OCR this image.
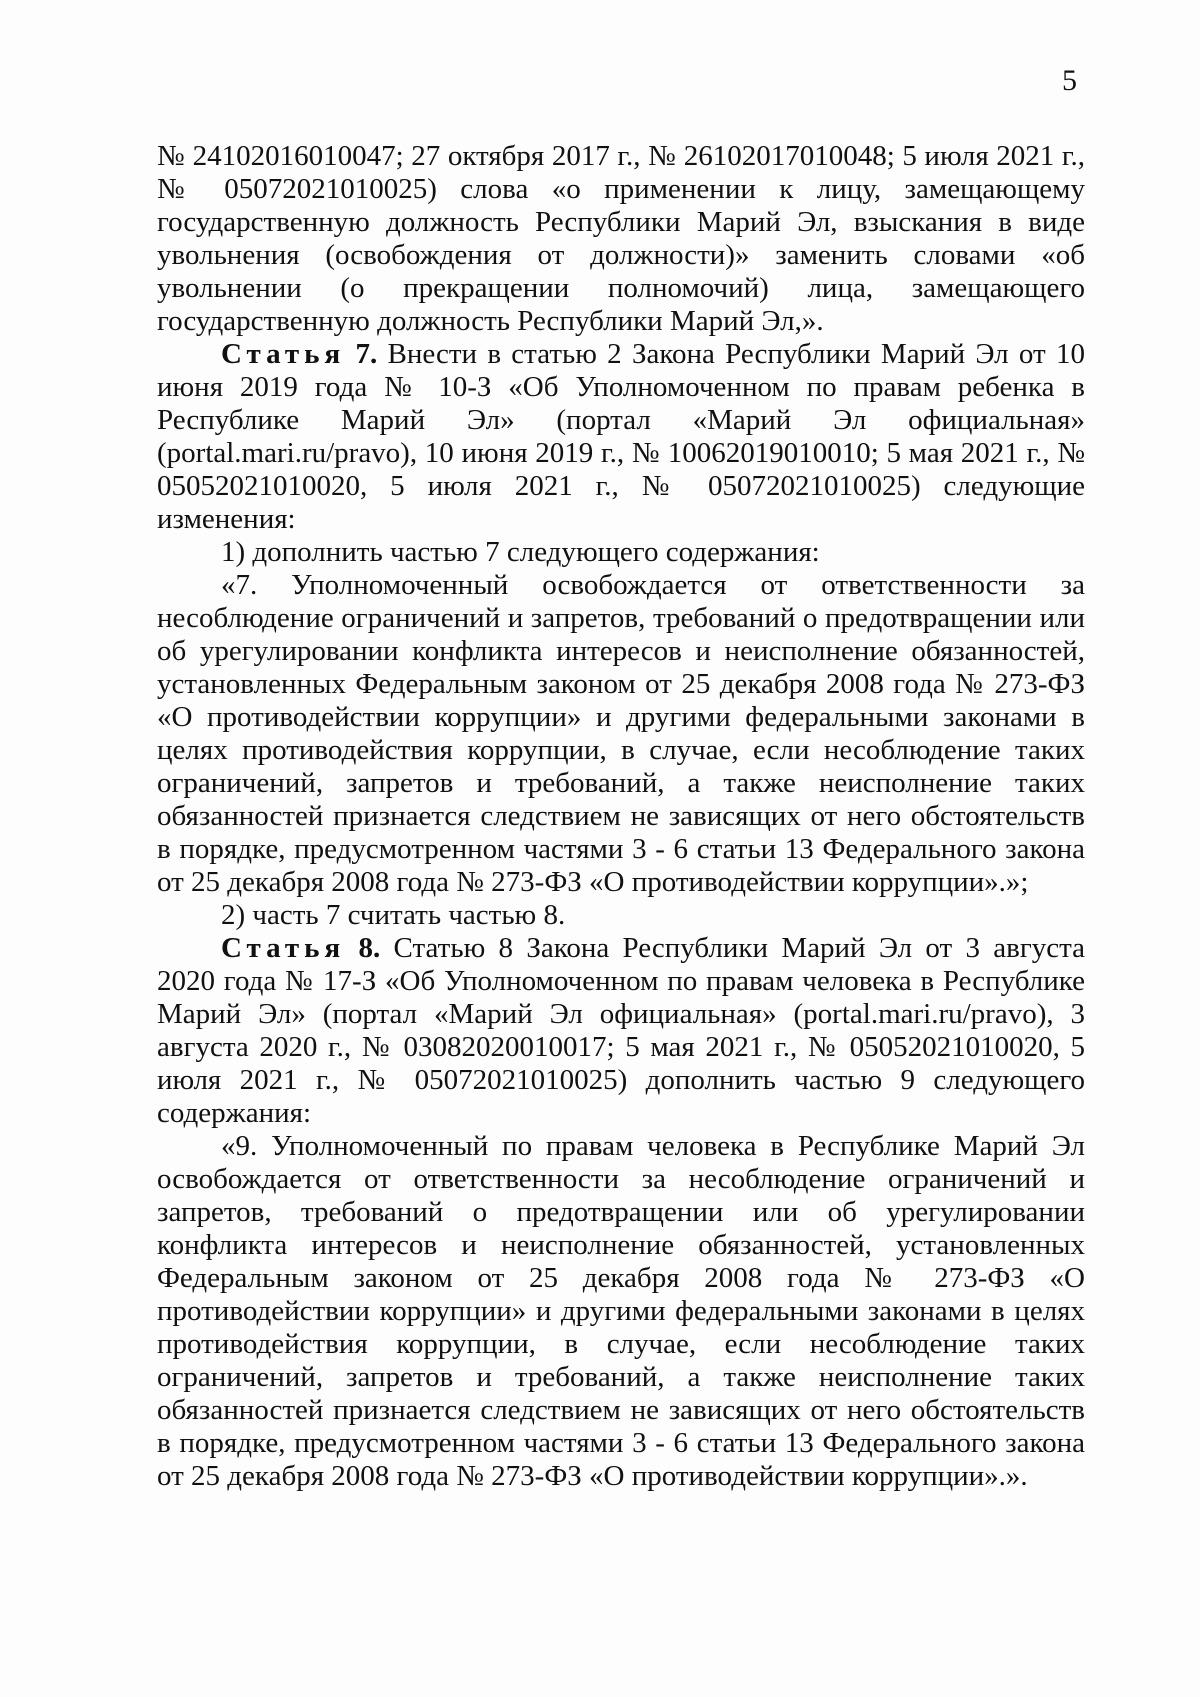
5

№ 24102016010047; 27 октября 2017 г., № 26102017010048; 5 июля 2021 г., № 05072021010025) слова «о применении к лицу, замещающему государственную должность Республики Марий Эл, взыскания в виде увольнения (освобождения от должности)» заменить словами «об увольнении (о прекращении полномочий) лица, замещающего государственную должность Республики Марий Эл,».

Статья 7. Внести в статью 2 Закона Республики Марий Эл от 10 июня 2019 года № 10-З «Об Уполномоченном по правам ребенка в Республике Марий Эл» (портал «Марий Эл официальная» (portal.mari.ru/pravo), 10 июня 2019 г., № 10062019010010; 5 мая 2021 г., № 05052021010020, 5 июля 2021 г., № 05072021010025) следующие изменения:

1) дополнить частью 7 следующего содержания:

«7. Уполномоченный освобождается от ответственности за несоблюдение ограничений и запретов, требований о предотвращении или об урегулировании конфликта интересов и неисполнение обязанностей, установленных Федеральным законом от 25 декабря 2008 года № 273-ФЗ «О противодействии коррупции» и другими федеральными законами в целях противодействия коррупции, в случае, если несоблюдение таких ограничений, запретов и требований, а также неисполнение таких обязанностей признается следствием не зависящих от него обстоятельств в порядке, предусмотренном частями 3 - 6 статьи 13 Федерального закона от 25 декабря 2008 года № 273-ФЗ «О противодействии коррупции».»;

2) часть 7 считать частью 8.

Статья 8. Статью 8 Закона Республики Марий Эл от 3 августа 2020 года № 17-З «Об Уполномоченном по правам человека в Республике Марий Эл» (портал «Марий Эл официальная» (portal.mari.ru/pravo), 3 августа 2020 г., № 03082020010017; 5 мая 2021 г., № 05052021010020, 5 июля 2021 г., № 05072021010025) дополнить частью 9 следующего содержания:

«9. Уполномоченный по правам человека в Республике Марий Эл освобождается от ответственности за несоблюдение ограничений и запретов, требований о предотвращении или об урегулировании конфликта интересов и неисполнение обязанностей, установленных Федеральным законом от 25 декабря 2008 года № 273-ФЗ «О противодействии коррупции» и другими федеральными законами в целях противодействия коррупции, в случае, если несоблюдение таких ограничений, запретов и требований, а также неисполнение таких обязанностей признается следствием не зависящих от него обстоятельств в порядке, предусмотренном частями 3 - 6 статьи 13 Федерального закона от 25 декабря 2008 года № 273-ФЗ «О противодействии коррупции».».
